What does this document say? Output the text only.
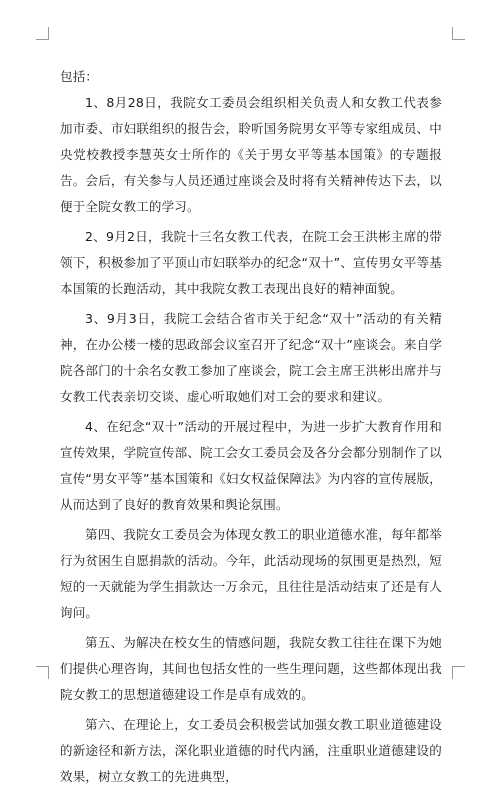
包括：

1、8月28日，我院女工委员会组织相关负责人和女教工代表参加市委、市妇联组织的报告会，聆听国务院男女平等专家组成员、中央党校教授李慧英女士所作的《关于男女平等基本国策》的专题报告。会后，有关参与人员还通过座谈会及时将有关精神传达下去，以便于全院女教工的学习。

2、9月2日，我院十三名女教工代表，在院工会王洪彬主席的带领下，积极参加了平顶山市妇联举办的纪念“双十”、宣传男女平等基本国策的长跑活动，其中我院女教工表现出良好的精神面貌。

3、9月3日，我院工会结合省市关于纪念“双十”活动的有关精神，在办公楼一楼的思政部会议室召开了纪念“双十”座谈会。来自学院各部门的十余名女教工参加了座谈会，院工会主席王洪彬出席并与女教工代表亲切交谈、虚心听取她们对工会的要求和建议。

4、在纪念“双十”活动的开展过程中，为进一步扩大教育作用和宣传效果，学院宣传部、院工会女工委员会及各分会都分别制作了以宣传“男女平等”基本国策和《妇女权益保障法》为内容的宣传展版，从而达到了良好的教育效果和舆论氛围。

第四、我院女工委员会为体现女教工的职业道德水准，每年都举行为贫困生自愿捐款的活动。今年，此活动现场的氛围更是热烈，短短的一天就能为学生捐款达一万余元，且往往是活动结束了还是有人询问。

第五、为解决在校女生的情感问题，我院女教工往往在课下为她们提供心理咨询，其间也包括女性的一些生理问题，这些都体现出我院女教工的思想道德建设工作是卓有成效的。

第六、在理论上，女工委员会积极尝试加强女教工职业道德建设的新途径和新方法，深化职业道德的时代内涵，注重职业道德建设的效果，树立女教工的先进典型，
